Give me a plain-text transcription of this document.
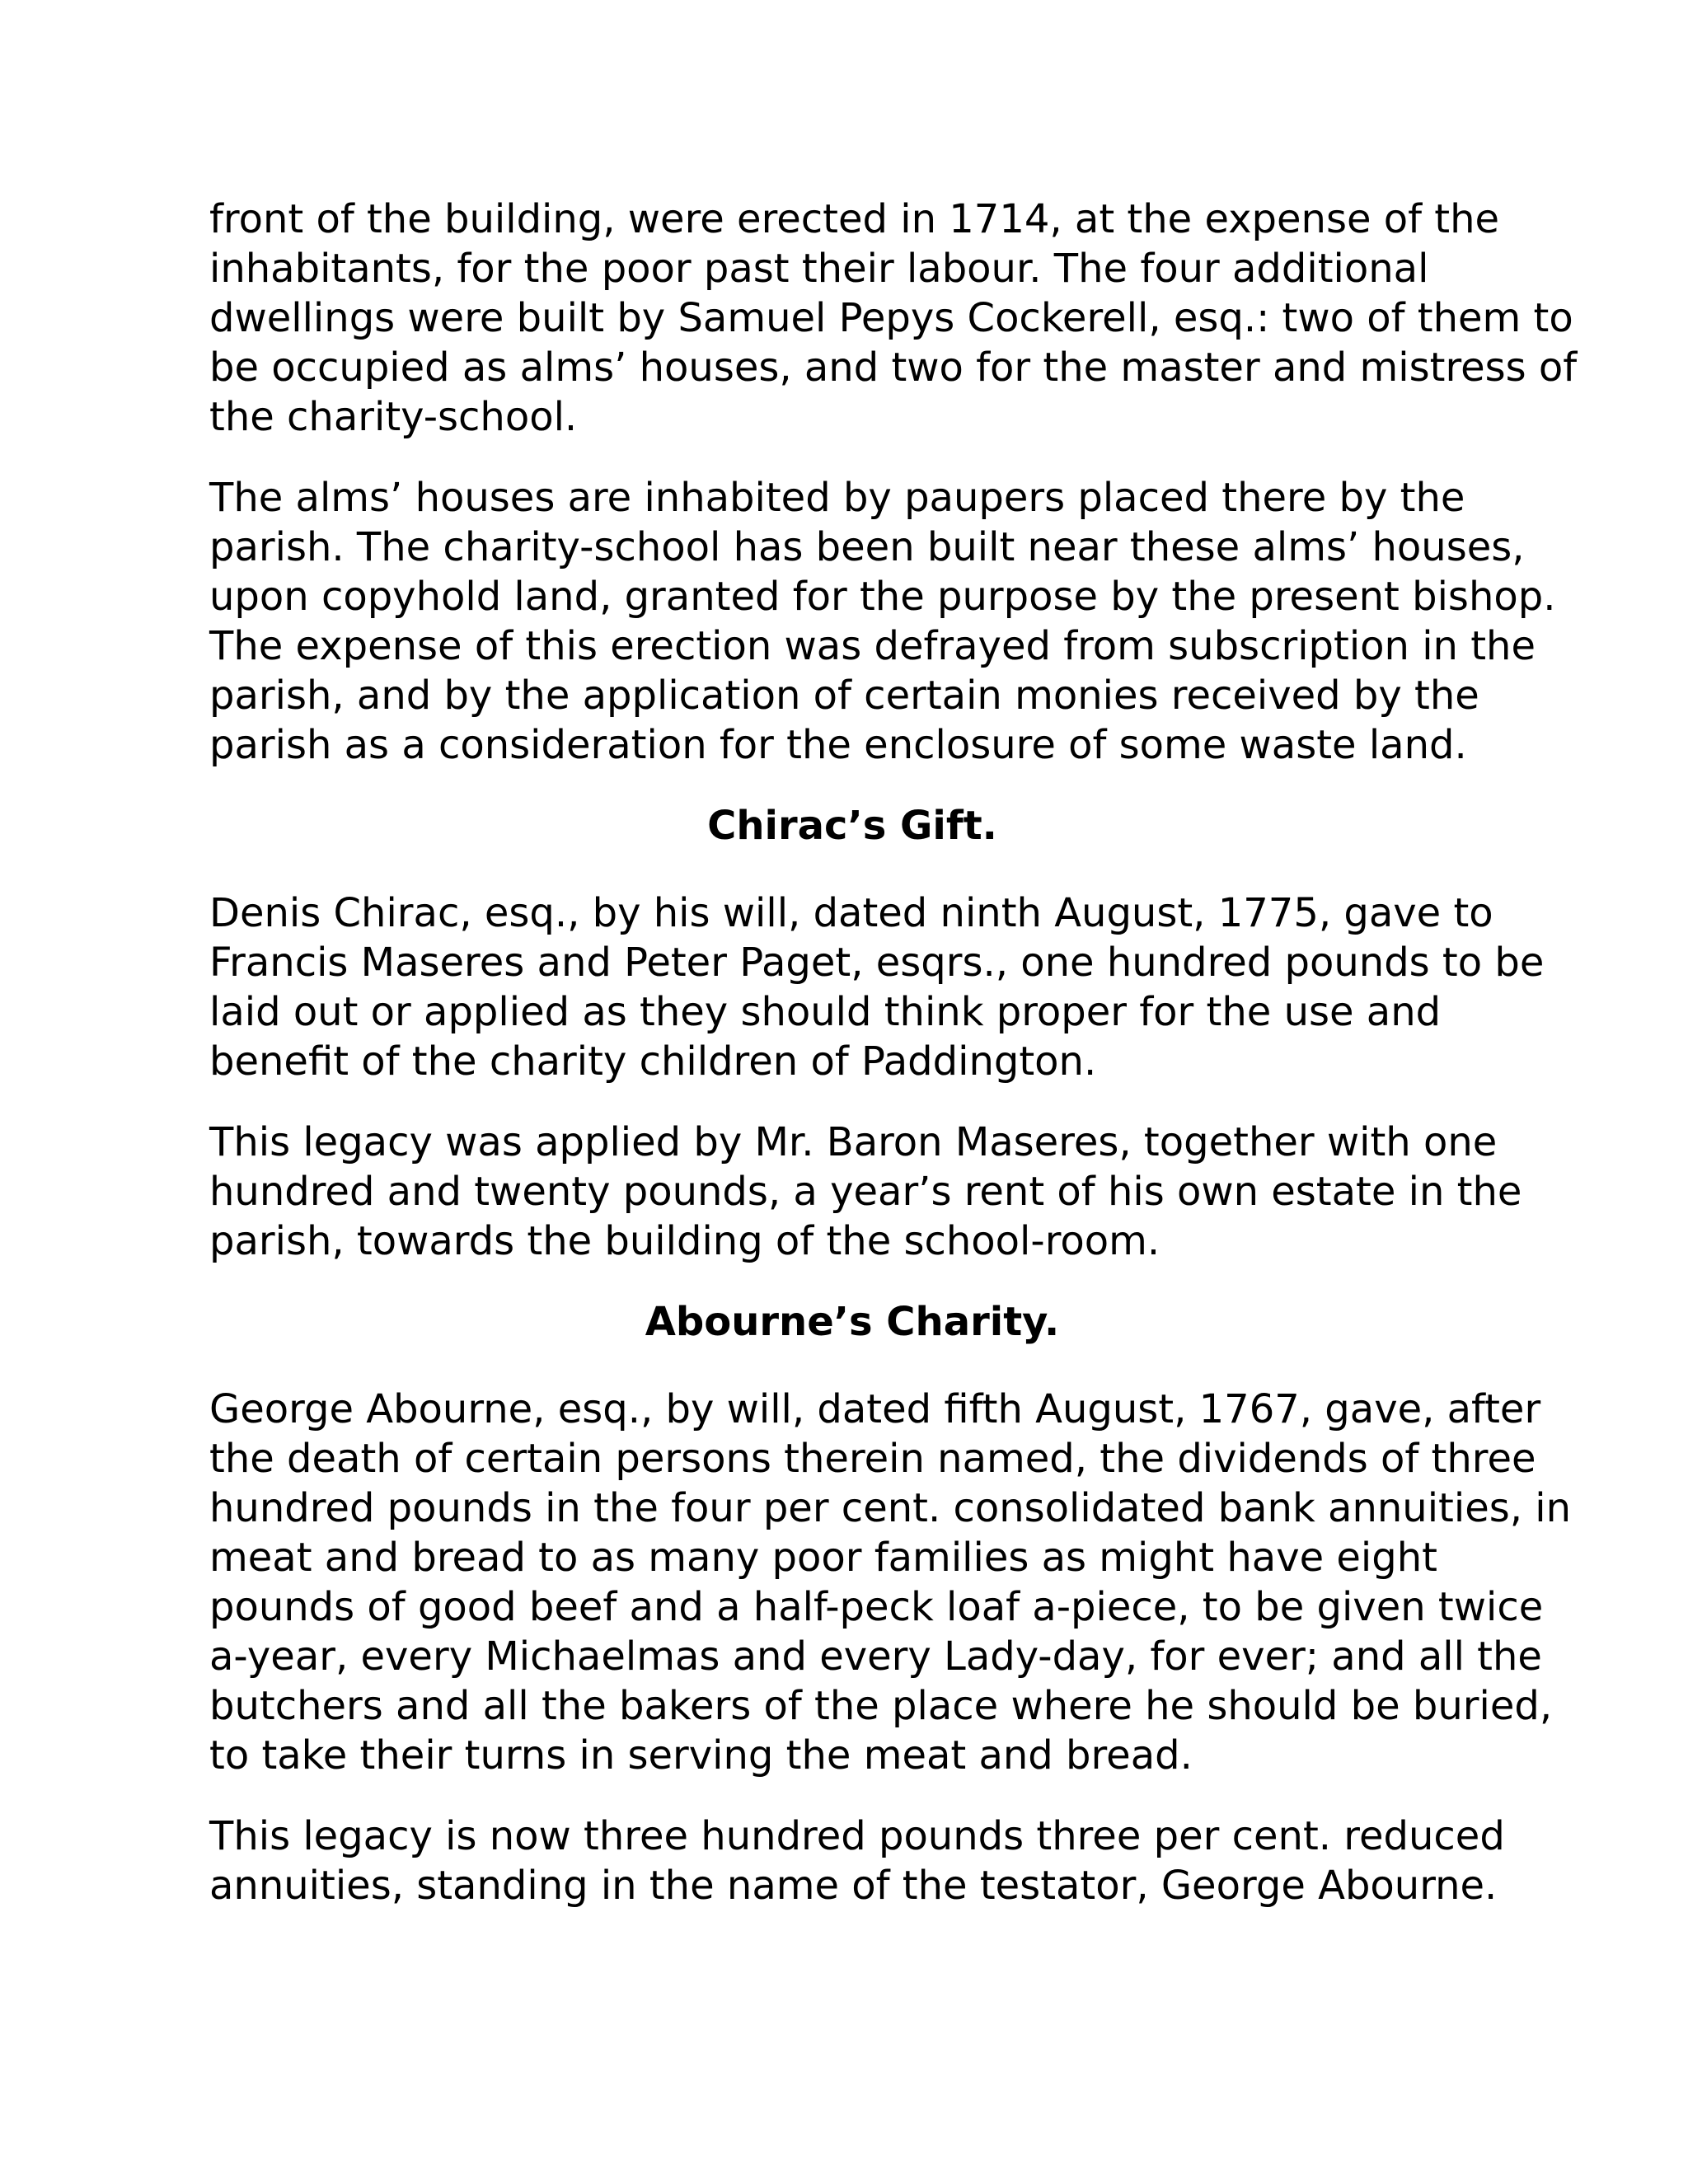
front of the building, were erected in 1714, at the expense of the
inhabitants, for the poor past their labour. The four additional
dwellings were built by Samuel Pepys Cockerell, esq.: two of them to
be occupied as alms’ houses, and two for the master and mistress of
the charity-school.
The alms’ houses are inhabited by paupers placed there by the
parish. The charity-school has been built near these alms’ houses,
upon copyhold land, granted for the purpose by the present bishop.
The expense of this erection was defrayed from subscription in the
parish, and by the application of certain monies received by the
parish as a consideration for the enclosure of some waste land.
Chirac’s Gift.
Denis Chirac, esq., by his will, dated ninth August, 1775, gave to
Francis Maseres and Peter Paget, esqrs., one hundred pounds to be
laid out or applied as they should think proper for the use and
benefit of the charity children of Paddington.
This legacy was applied by Mr. Baron Maseres, together with one
hundred and twenty pounds, a year’s rent of his own estate in the
parish, towards the building of the school-room.
Abourne’s Charity.
George Abourne, esq., by will, dated fifth August, 1767, gave, after
the death of certain persons therein named, the dividends of three
hundred pounds in the four per cent. consolidated bank annuities, in
meat and bread to as many poor families as might have eight
pounds of good beef and a half-peck loaf a-piece, to be given twice
a-year, every Michaelmas and every Lady-day, for ever; and all the
butchers and all the bakers of the place where he should be buried,
to take their turns in serving the meat and bread.
This legacy is now three hundred pounds three per cent. reduced
annuities, standing in the name of the testator, George Abourne.
